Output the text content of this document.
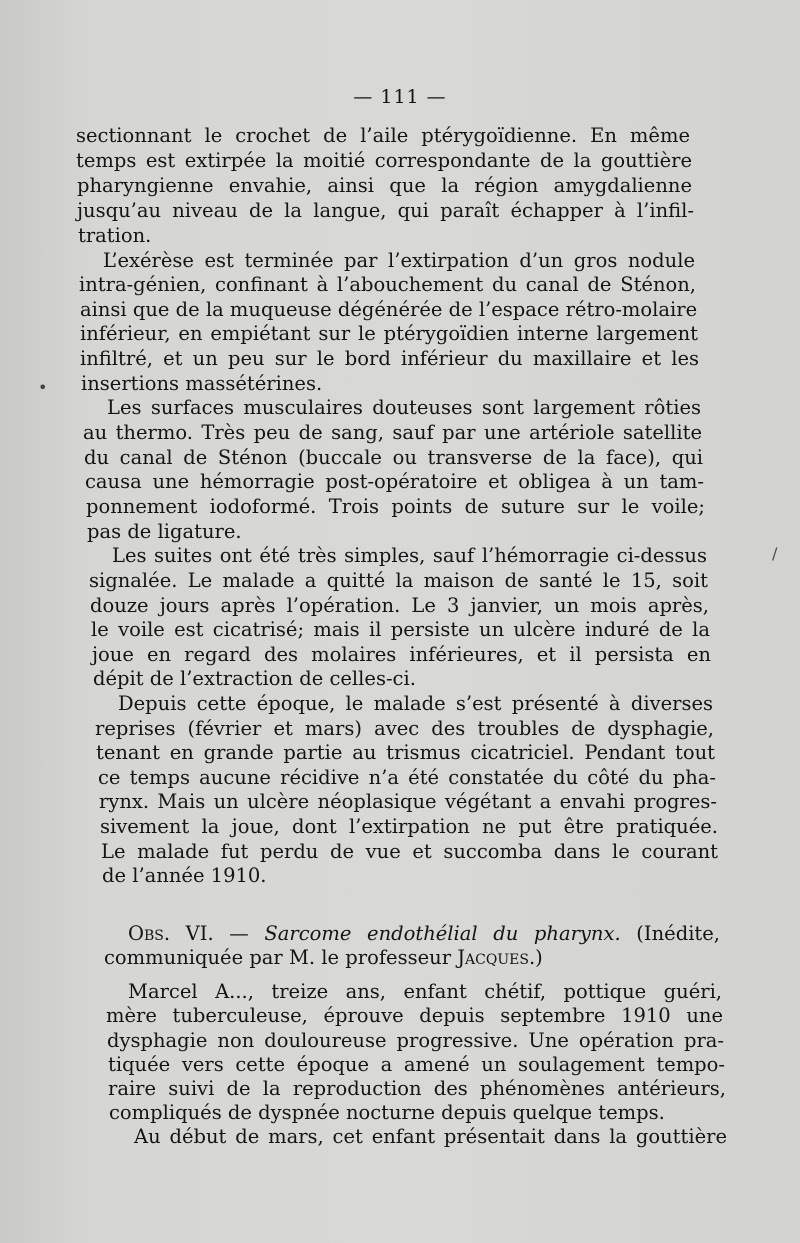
— 111 —
sectionnant le crochet de l’aile ptérygoïdienne. En même
temps est extirpée la moitié correspondante de la gouttière
pharyngienne envahie, ainsi que la région amygdalienne
jusqu’au niveau de la langue, qui paraît échapper à l’infil-
tration.
L’exérèse est terminée par l’extirpation d’un gros nodule
intra-génien, confinant à l’abouchement du canal de Sténon,
ainsi que de la muqueuse dégénérée de l’espace rétro-molaire
inférieur, en empiétant sur le ptérygoïdien interne largement
infiltré, et un peu sur le bord inférieur du maxillaire et les
insertions massétérines.
Les surfaces musculaires douteuses sont largement rôties
au thermo. Très peu de sang, sauf par une artériole satellite
du canal de Sténon (buccale ou transverse de la face), qui
causa une hémorragie post-opératoire et obligea à un tam-
ponnement iodoformé. Trois points de suture sur le voile;
pas de ligature.
Les suites ont été très simples, sauf l’hémorragie ci-dessus
signalée. Le malade a quitté la maison de santé le 15, soit
douze jours après l’opération. Le 3 janvier, un mois après,
le voile est cicatrisé; mais il persiste un ulcère induré de la
joue en regard des molaires inférieures, et il persista en
dépit de l’extraction de celles-ci.
Depuis cette époque, le malade s’est présenté à diverses
reprises (février et mars) avec des troubles de dysphagie,
tenant en grande partie au trismus cicatriciel. Pendant tout
ce temps aucune récidive n’a été constatée du côté du pha-
rynx. Mais un ulcère néoplasique végétant a envahi progres-
sivement la joue, dont l’extirpation ne put être pratiquée.
Le malade fut perdu de vue et succomba dans le courant
de l’année 1910.
Obs. VI. — Sarcome endothélial du pharynx. (Inédite,
communiquée par M. le professeur Jacques.)
Marcel A..., treize ans, enfant chétif, pottique guéri,
mère tuberculeuse, éprouve depuis septembre 1910 une
dysphagie non douloureuse progressive. Une opération pra-
tiquée vers cette époque a amené un soulagement tempo-
raire suivi de la reproduction des phénomènes antérieurs,
compliqués de dyspnée nocturne depuis quelque temps.
Au début de mars, cet enfant présentait dans la gouttière
•
/
